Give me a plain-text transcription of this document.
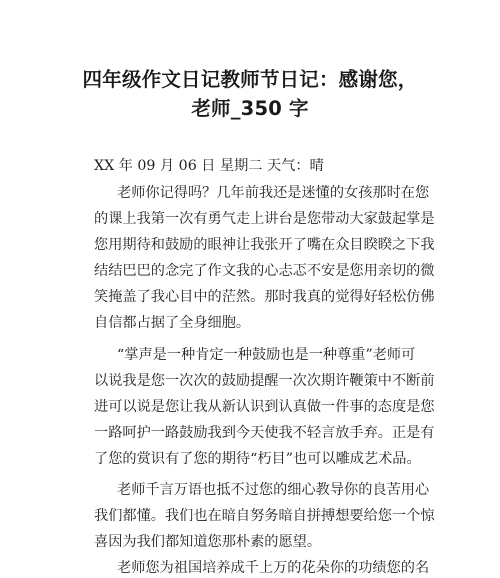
四年级作文日记教师节日记：感谢您，
老师_350 字
XX 年 09 月 06 日 星期二 天气：晴
老师你记得吗？几年前我还是迷懂的女孩那时在您
的课上我第一次有勇气走上讲台是您带动大家鼓起掌是
您用期待和鼓励的眼神让我张开了嘴在众目睽睽之下我
结结巴巴的念完了作文我的心忐忑不安是您用亲切的微
笑掩盖了我心目中的茫然。那时我真的觉得好轻松仿佛
自信都占据了全身细胞。
“掌声是一种肯定一种鼓励也是一种尊重”老师可
以说我是您一次次的鼓励提醒一次次期许鞭策中不断前
进可以说是您让我从新认识到认真做一件事的态度是您
一路呵护一路鼓励我到今天使我不轻言放手弃。正是有
了您的赏识有了您的期待“朽目”也可以雕成艺术品。
老师千言万语也抵不过您的细心教导你的良苦用心
我们都懂。我们也在暗自努务暗自拼搏想要给您一个惊
喜因为我们都知道您那朴素的愿望。
老师您为祖国培养成千上万的花朵你的功绩您的名
